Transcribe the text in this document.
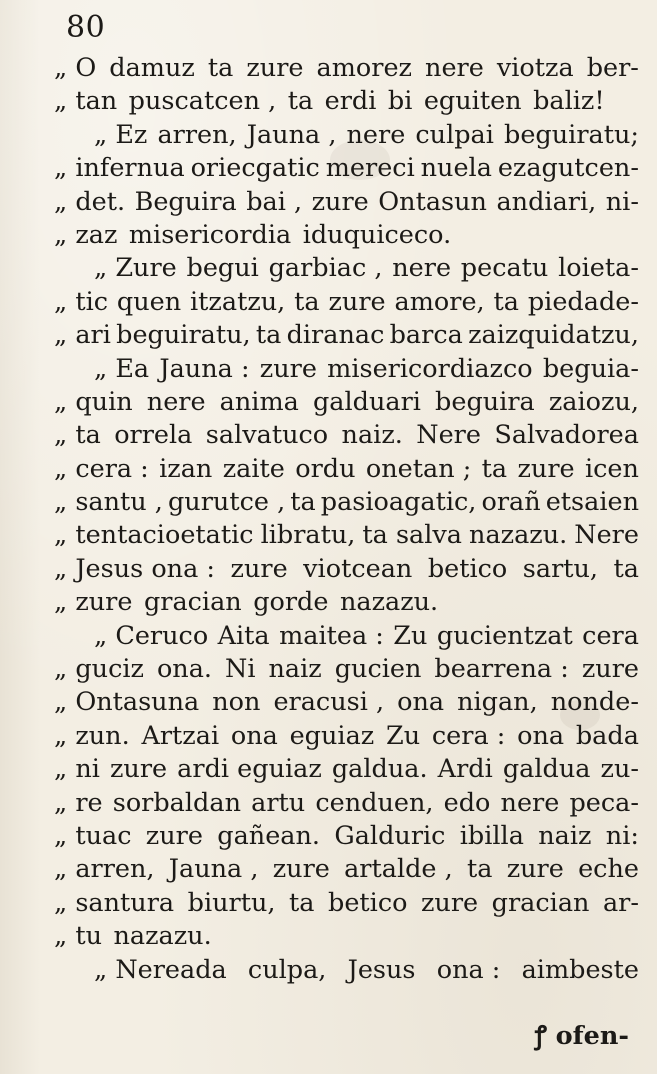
80
„ O damuz ta zure amorez nere viotza ber-
„ tan puscatcen , ta erdi bi eguiten baliz!
„ Ez arren, Jauna , nere culpai beguiratu;
„ infernua oriecgatic mereci nuela ezagutcen-
„ det. Beguira bai , zure Ontasun andiari, ni-
„ zaz misericordia iduquiceco.
„ Zure begui garbiac , nere pecatu loieta-
„ tic quen itzatzu, ta zure amore, ta piedade-
„ ari beguiratu, ta diranac barca zaizquidatzu,
„ Ea Jauna : zure misericordiazco beguia-
„ quin nere anima galduari beguira zaiozu,
„ ta orrela salvatuco naiz. Nere Salvadorea
„ cera : izan zaite ordu onetan ; ta zure icen
„ santu , gurutce , ta pasioagatic, orañ etsaien
„ tentacioetatic libratu, ta salva nazazu. Nere
„ Jesus ona : zure viotcean betico sartu, ta
„ zure gracian gorde nazazu.
„ Ceruco Aita maitea : Zu gucientzat cera
„ guciz ona. Ni naiz gucien bearrena : zure
„ Ontasuna non eracusi , ona nigan, nonde-
„ zun. Artzai ona eguiaz Zu cera : ona bada
„ ni zure ardi eguiaz galdua. Ardi galdua zu-
„ re sorbaldan artu cenduen, edo nere peca-
„ tuac zure gañean. Galduric ibilla naiz ni:
„ arren, Jauna , zure artalde , ta zure eche
„ santura biurtu, ta betico zure gracian ar-
„ tu nazazu.
„ Nereada culpa, Jesus ona : aimbeste
ꝭ ofen-
